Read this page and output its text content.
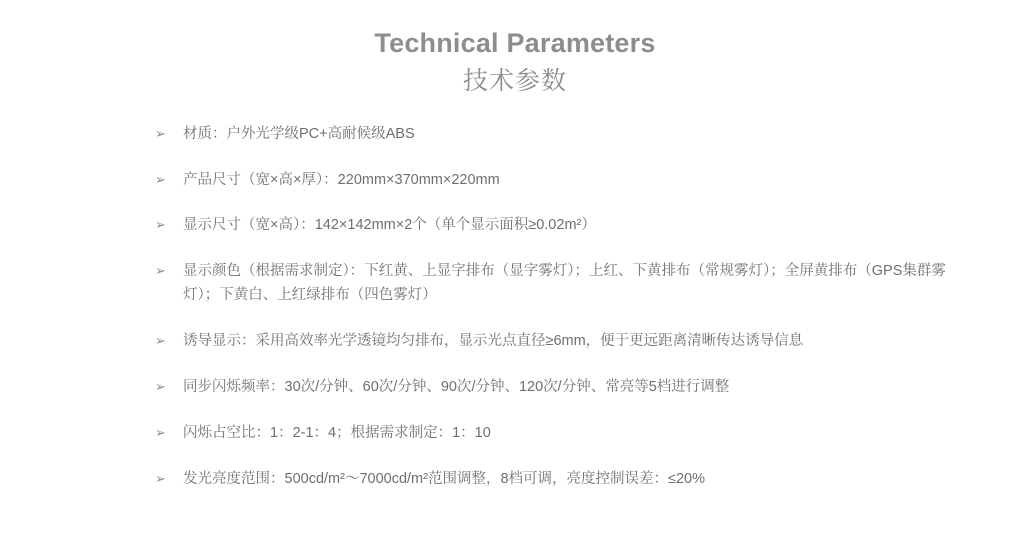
Technical Parameters
技术参数
➢ 材质：户外光学级PC+高耐候级ABS
➢ 产品尺寸（宽×高×厚）：220mm×370mm×220mm
➢ 显示尺寸（宽×高）：142×142mm×2个（单个显示面积≥0.02m²）
➢ 显示颜色（根据需求制定）：下红黄、上显字排布（显字雾灯）；上红、下黄排布（常规雾灯）；全屏黄排布（GPS集群雾灯）；下黄白、上红绿排布（四色雾灯）
➢ 诱导显示：采用高效率光学透镜均匀排布，显示光点直径≥6mm，便于更远距离清晰传达诱导信息
➢ 同步闪烁频率：30次/分钟、60次/分钟、90次/分钟、120次/分钟、常亮等5档进行调整
➢ 闪烁占空比：1：2-1：4；根据需求制定：1：10
➢ 发光亮度范围：500cd/m²～7000cd/m²范围调整，8档可调，亮度控制误差：≤20%
